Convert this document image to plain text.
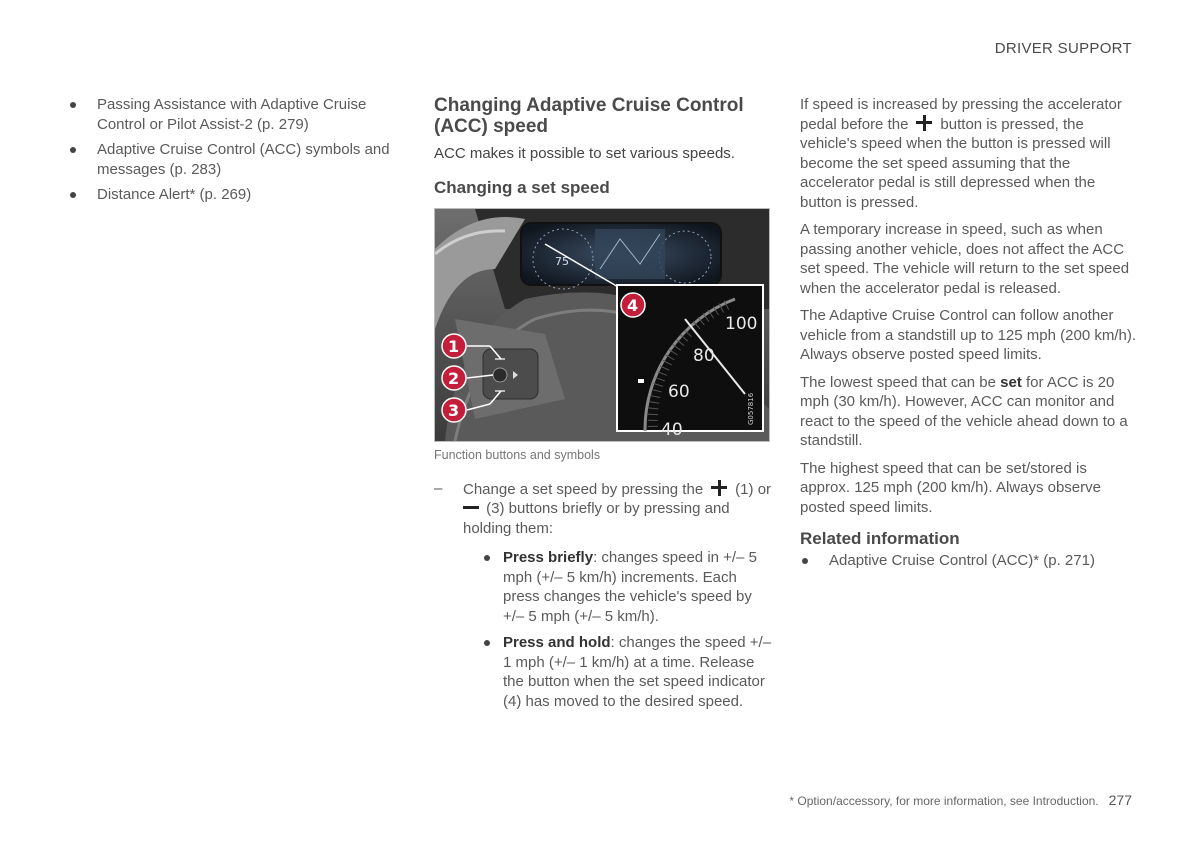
DRIVER SUPPORT
Passing Assistance with Adaptive Cruise Control or Pilot Assist-2 (p. 279)
Adaptive Cruise Control (ACC) symbols and messages (p. 283)
Distance Alert* (p. 269)
Changing Adaptive Cruise Control (ACC) speed

ACC makes it possible to set various speeds.

Changing a set speed
75
100
80
60
40
G057816
1
2
3
4
Function buttons and symbols
– Change a set speed by pressing the (1) or  (3) buttons briefly or by pressing and holding them:

Press briefly: changes speed in +/– 5 mph (+/– 5 km/h) increments. Each press changes the vehicle's speed by +/– 5 mph (+/– 5 km/h).
Press and hold: changes the speed +/– 1 mph (+/– 1 km/h) at a time. Release the button when the set speed indicator (4) has moved to the desired speed.

If speed is increased by pressing the accelerator pedal before the button is pressed, the vehicle's speed when the button is pressed will become the set speed assuming that the accelerator pedal is still depressed when the button is pressed.

A temporary increase in speed, such as when passing another vehicle, does not affect the ACC set speed. The vehicle will return to the set speed when the accelerator pedal is released.

The Adaptive Cruise Control can follow another vehicle from a standstill up to 125 mph (200 km/h). Always observe posted speed limits.

The lowest speed that can be set for ACC is 20 mph (30 km/h). However, ACC can monitor and react to the speed of the vehicle ahead down to a standstill.

The highest speed that can be set/stored is approx. 125 mph (200 km/h). Always observe posted speed limits.

Related information
Adaptive Cruise Control (ACC)* (p. 271)
* Option/accessory, for more information, see Introduction. 277
